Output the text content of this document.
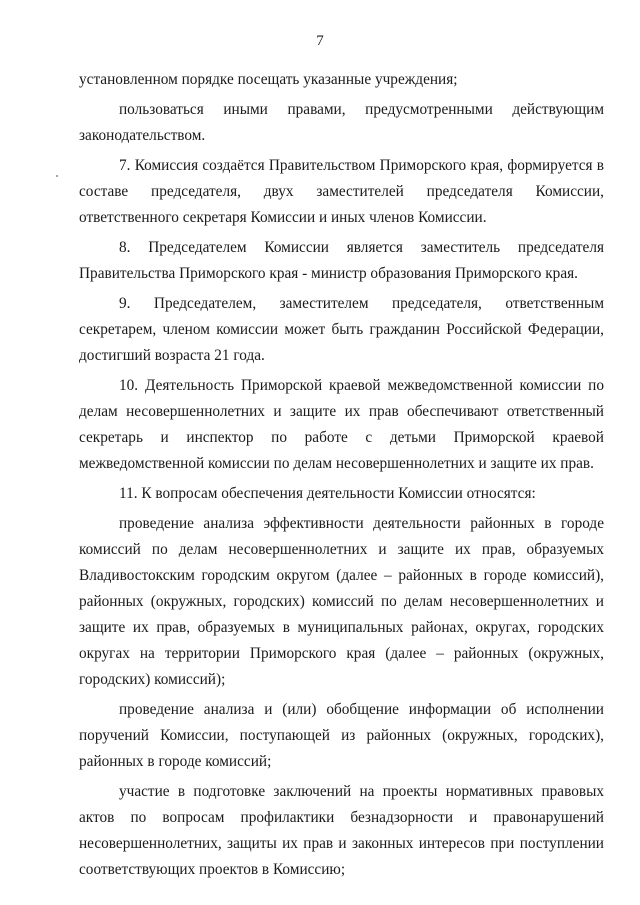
7

установленном порядке посещать указанные учреждения;

пользоваться иными правами, предусмотренными действующим законодательством.

7. Комиссия создаётся Правительством Приморского края, формируется в составе председателя, двух заместителей председателя Комиссии, ответственного секретаря Комиссии и иных членов Комиссии.

8. Председателем Комиссии является заместитель председателя Правительства Приморского края - министр образования Приморского края.

9. Председателем, заместителем председателя, ответственным секретарем, членом комиссии может быть гражданин Российской Федерации, достигший возраста 21 года.

10. Деятельность Приморской краевой межведомственной комиссии по делам несовершеннолетних и защите их прав обеспечивают ответственный секретарь и инспектор по работе с детьми Приморской краевой межведомственной комиссии по делам несовершеннолетних и защите их прав.

11. К вопросам обеспечения деятельности Комиссии относятся:

проведение анализа эффективности деятельности районных в городе комиссий по делам несовершеннолетних и защите их прав, образуемых Владивостокским городским округом (далее – районных в городе комиссий), районных (окружных, городских) комиссий по делам несовершеннолетних и защите их прав, образуемых в муниципальных районах, округах, городских округах на территории Приморского края (далее – районных (окружных, городских) комиссий);

проведение анализа и (или) обобщение информации об исполнении поручений Комиссии, поступающей из районных (окружных, городских), районных в городе комиссий;

участие в подготовке заключений на проекты нормативных правовых актов по вопросам профилактики безнадзорности и правонарушений несовершеннолетних, защиты их прав и законных интересов при поступлении соответствующих проектов в Комиссию;
